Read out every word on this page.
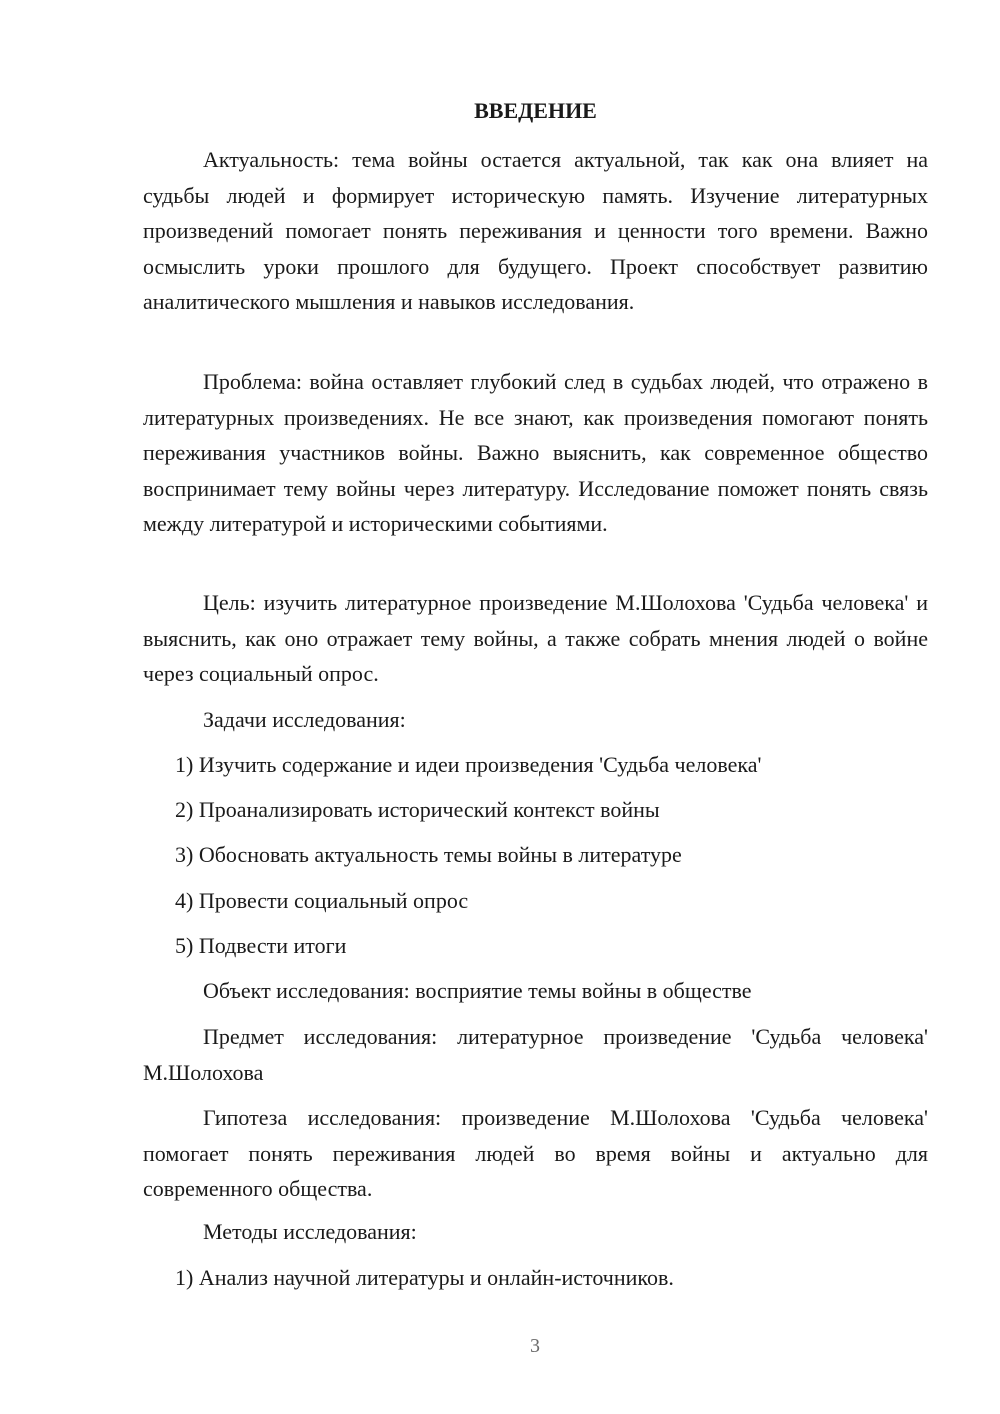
ВВЕДЕНИЕ
Актуальность: тема войны остается актуальной, так как она влияет на судьбы людей и формирует историческую память. Изучение литературных произведений помогает понять переживания и ценности того времени. Важно осмыслить уроки прошлого для будущего. Проект способствует развитию аналитического мышления и навыков исследования.
Проблема: война оставляет глубокий след в судьбах людей, что отражено в литературных произведениях. Не все знают, как произведения помогают понять переживания участников войны. Важно выяснить, как современное общество воспринимает тему войны через литературу. Исследование поможет понять связь между литературой и историческими событиями.
Цель: изучить литературное произведение М.Шолохова 'Судьба человека' и выяснить, как оно отражает тему войны, а также собрать мнения людей о войне через социальный опрос.
Задачи исследования:
1) Изучить содержание и идеи произведения 'Судьба человека'
2) Проанализировать исторический контекст войны
3) Обосновать актуальность темы войны в литературе
4) Провести социальный опрос
5) Подвести итоги
Объект исследования: восприятие темы войны в обществе
Предмет исследования: литературное произведение 'Судьба человека' М.Шолохова
Гипотеза исследования: произведение М.Шолохова 'Судьба человека' помогает понять переживания людей во время войны и актуально для современного общества.
Методы исследования:
1) Анализ научной литературы и онлайн-источников.
3
